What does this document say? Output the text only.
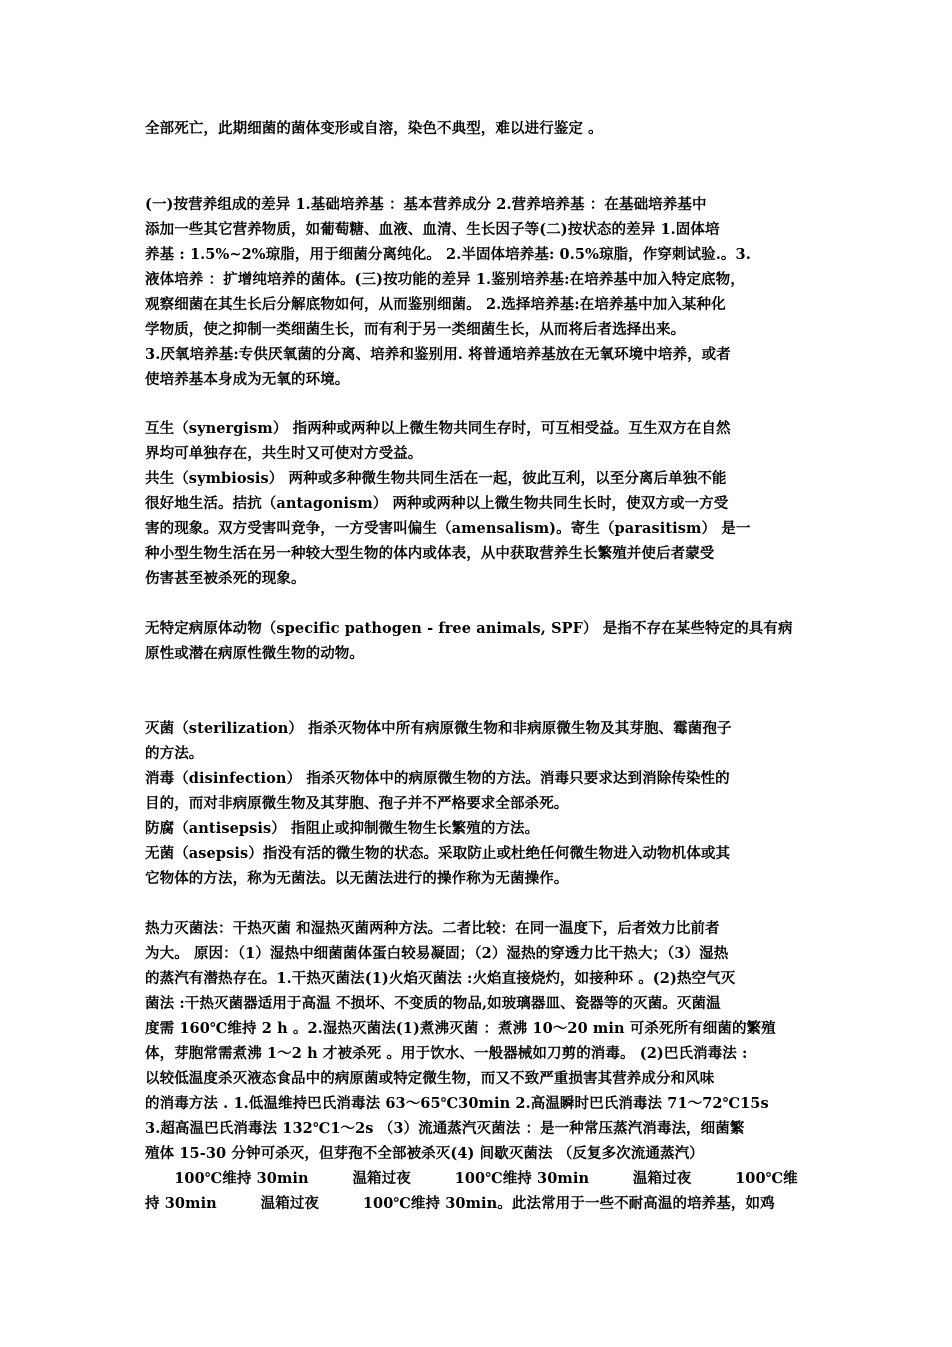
全部死亡，此期细菌的菌体变形或自溶，染色不典型，难以进行鉴定 。
(一)按营养组成的差异 1.基础培养基 ：基本营养成分 2.营养培养基 ：在基础培养基中
添加一些其它营养物质，如葡萄糖、血液、血清、生长因子等(二)按状态的差异 1.固体培
养基 : 1.5%~2%琼脂，用于细菌分离纯化。 2.半固体培养基: 0.5%琼脂，作穿刺试验.。3.
液体培养 ：扩增纯培养的菌体。(三)按功能的差异 1.鉴别培养基:在培养基中加入特定底物，
观察细菌在其生长后分解底物如何，从而鉴别细菌。 2.选择培养基:在培养基中加入某种化
学物质，使之抑制一类细菌生长，而有利于另一类细菌生长，从而将后者选择出来。
3.厌氧培养基:专供厌氧菌的分离、培养和鉴别用. 将普通培养基放在无氧环境中培养，或者
使培养基本身成为无氧的环境。
互生（synergism） 指两种或两种以上微生物共同生存时，可互相受益。互生双方在自然
界均可单独存在，共生时又可使对方受益。
共生（symbiosis） 两种或多种微生物共同生活在一起，彼此互利，以至分离后单独不能
很好地生活。拮抗（antagonism） 两种或两种以上微生物共同生长时，使双方或一方受
害的现象。双方受害叫竞争，一方受害叫偏生（amensalism)。寄生（parasitism） 是一
种小型生物生活在另一种较大型生物的体内或体表，从中获取营养生长繁殖并使后者蒙受
伤害甚至被杀死的现象。
无特定病原体动物（specific pathogen - free animals, SPF） 是指不存在某些特定的具有病
原性或潜在病原性微生物的动物。
灭菌（sterilization） 指杀灭物体中所有病原微生物和非病原微生物及其芽胞、霉菌孢子
的方法。
消毒（disinfection） 指杀灭物体中的病原微生物的方法。消毒只要求达到消除传染性的
目的，而对非病原微生物及其芽胞、孢子并不严格要求全部杀死。
防腐（antisepsis） 指阻止或抑制微生物生长繁殖的方法。
无菌（asepsis）指没有活的微生物的状态。采取防止或杜绝任何微生物进入动物机体或其
它物体的方法，称为无菌法。以无菌法进行的操作称为无菌操作。
热力灭菌法：干热灭菌 和湿热灭菌两种方法。二者比较：在同一温度下，后者效力比前者
为大。 原因：（1）湿热中细菌菌体蛋白较易凝固；（2）湿热的穿透力比干热大；（3）湿热
的蒸汽有潜热存在。1.干热灭菌法(1)火焰灭菌法 :火焰直接烧灼，如接种环 。(2)热空气灭
菌法 :干热灭菌器适用于高温 不损坏、不变质的物品,如玻璃器皿、瓷器等的灭菌。灭菌温
度需 160℃维持 2 h 。2.湿热灭菌法(1)煮沸灭菌 ：煮沸 10～20 min 可杀死所有细菌的繁殖
体，芽胞常需煮沸 1～2 h 才被杀死 。用于饮水、一般器械如刀剪的消毒。 (2)巴氏消毒法 :
以较低温度杀灭液态食品中的病原菌或特定微生物，而又不致严重损害其营养成分和风味
的消毒方法 . 1.低温维持巴氏消毒法 63～65℃30min 2.高温瞬时巴氏消毒法 71～72℃15s
3.超高温巴氏消毒法 132℃1～2s （3）流通蒸汽灭菌法 ：是一种常压蒸汽消毒法，细菌繁
殖体 15-30 分钟可杀灭，但芽孢不全部被杀灭(4) 间歇灭菌法 （反复多次流通蒸汽）
　　100℃维持 30min　　　温箱过夜　　　100℃维持 30min　　　温箱过夜　　　100℃维
持 30min　　　温箱过夜　　　100℃维持 30min。此法常用于一些不耐高温的培养基，如鸡
